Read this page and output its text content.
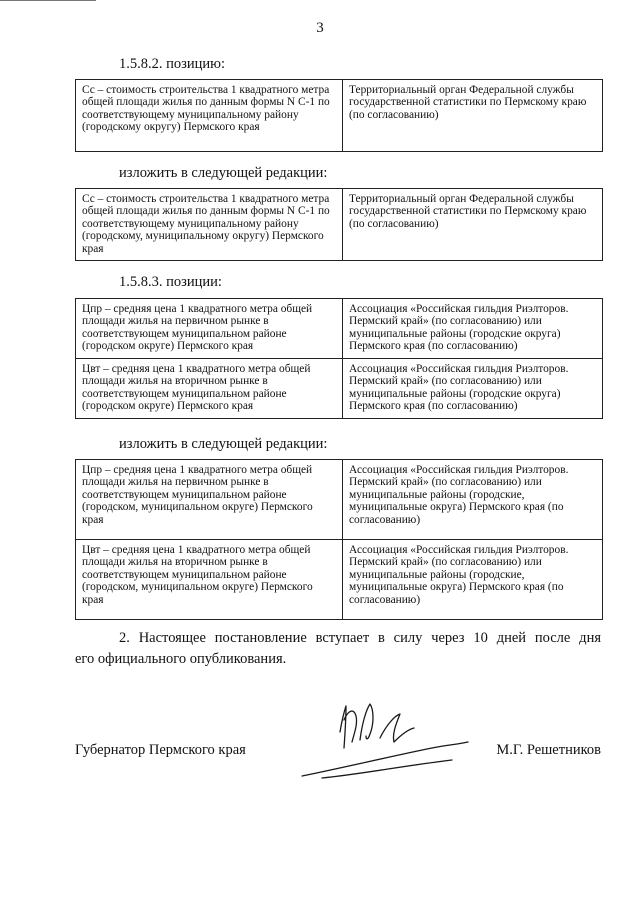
3
1.5.8.2. позицию:
Сс – стоимость строительства 1 квадратного метра общей площади жилья по данным формы N С-1 по соответствующему муниципальному району (городскому округу) Пермского края	Территориальный орган Федеральной службы государственной статистики по Пермскому краю (по согласованию)
изложить в следующей редакции:
Сс – стоимость строительства 1 квадратного метра общей площади жилья по данным формы N С-1 по соответствующему муниципальному району (городскому, муниципальному округу) Пермского края	Территориальный орган Федеральной службы государственной статистики по Пермскому краю (по согласованию)
1.5.8.3. позиции:
Цпр – средняя цена 1 квадратного метра общей площади жилья на первичном рынке в соответствующем муниципальном районе (городском округе) Пермского края	Ассоциация «Российская гильдия Риэлторов. Пермский край» (по согласованию) или муниципальные районы (городские округа) Пермского края (по согласованию)
Цвт – средняя цена 1 квадратного метра общей площади жилья на вторичном рынке в соответствующем муниципальном районе (городском округе) Пермского края	Ассоциация «Российская гильдия Риэлторов. Пермский край» (по согласованию) или муниципальные районы (городские округа) Пермского края (по согласованию)
изложить в следующей редакции:
Цпр – средняя цена 1 квадратного метра общей площади жилья на первичном рынке в соответствующем муниципальном районе (городском, муниципальном округе) Пермского края	Ассоциация «Российская гильдия Риэлторов. Пермский край» (по согласованию) или муниципальные районы (городские, муниципальные округа) Пермского края (по согласованию)
Цвт – средняя цена 1 квадратного метра общей площади жилья на вторичном рынке в соответствующем муниципальном районе (городском, муниципальном округе) Пермского края	Ассоциация «Российская гильдия Риэлторов. Пермский край» (по согласованию) или муниципальные районы (городские, муниципальные округа) Пермского края (по согласованию)
2. Настоящее постановление вступает в силу через 10 дней после дня
его официального опубликования.
Губернатор Пермского края	М.Г. Решетников
